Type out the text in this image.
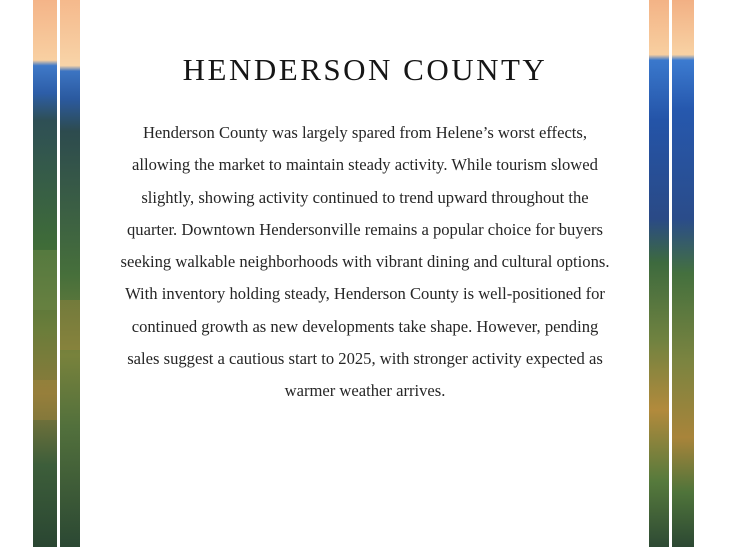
HENDERSON COUNTY

Henderson County was largely spared from Helene’s worst effects, allowing the market to maintain steady activity. While tourism slowed slightly, showing activity continued to trend upward throughout the quarter. Downtown Hendersonville remains a popular choice for buyers seeking walkable neighborhoods with vibrant dining and cultural options. With inventory holding steady, Henderson County is well-positioned for continued growth as new developments take shape. However, pending sales suggest a cautious start to 2025, with stronger activity expected as warmer weather arrives.
